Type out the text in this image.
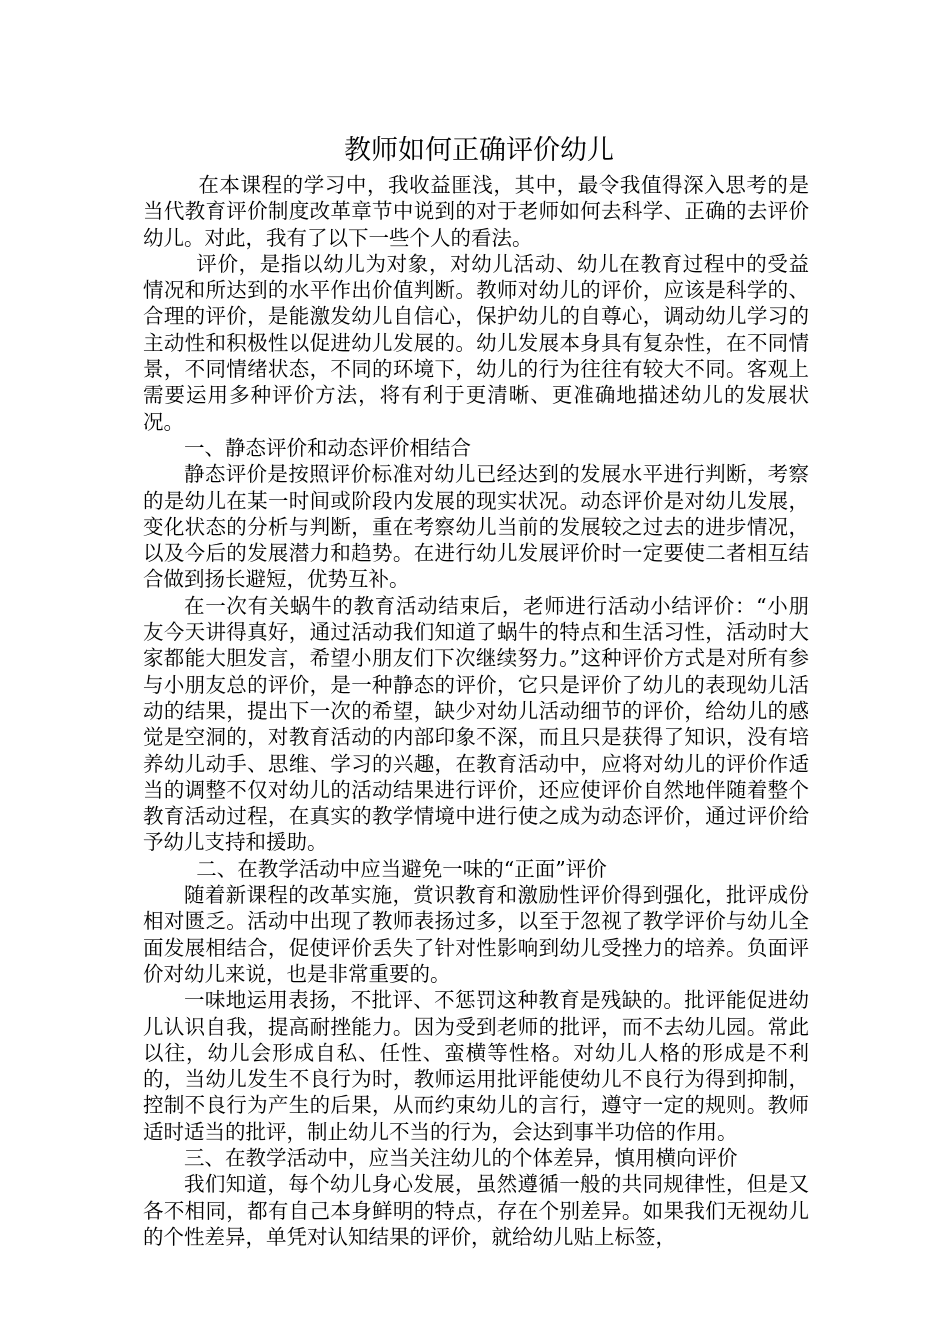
教师如何正确评价幼儿

在本课程的学习中，我收益匪浅，其中，最令我值得深入思考的是当代教育评价制度改革章节中说到的对于老师如何去科学、正确的去评价幼儿。对此，我有了以下一些个人的看法。

评价，是指以幼儿为对象，对幼儿活动、幼儿在教育过程中的受益情况和所达到的水平作出价值判断。教师对幼儿的评价，应该是科学的、合理的评价，是能激发幼儿自信心，保护幼儿的自尊心，调动幼儿学习的主动性和积极性以促进幼儿发展的。幼儿发展本身具有复杂性，在不同情景，不同情绪状态，不同的环境下，幼儿的行为往往有较大不同。客观上需要运用多种评价方法，将有利于更清晰、更准确地描述幼儿的发展状况。

一、静态评价和动态评价相结合

静态评价是按照评价标准对幼儿已经达到的发展水平进行判断，考察的是幼儿在某一时间或阶段内发展的现实状况。动态评价是对幼儿发展，变化状态的分析与判断，重在考察幼儿当前的发展较之过去的进步情况，以及今后的发展潜力和趋势。在进行幼儿发展评价时一定要使二者相互结合做到扬长避短，优势互补。

在一次有关蜗牛的教育活动结束后，老师进行活动小结评价：“小朋友今天讲得真好，通过活动我们知道了蜗牛的特点和生活习性，活动时大家都能大胆发言，希望小朋友们下次继续努力。”这种评价方式是对所有参与小朋友总的评价，是一种静态的评价，它只是评价了幼儿的表现幼儿活动的结果，提出下一次的希望，缺少对幼儿活动细节的评价，给幼儿的感觉是空洞的，对教育活动的内部印象不深，而且只是获得了知识，没有培养幼儿动手、思维、学习的兴趣，在教育活动中，应将对幼儿的评价作适当的调整不仅对幼儿的活动结果进行评价，还应使评价自然地伴随着整个教育活动过程，在真实的教学情境中进行使之成为动态评价，通过评价给予幼儿支持和援助。

二、在教学活动中应当避免一味的“正面”评价

随着新课程的改革实施，赏识教育和激励性评价得到强化，批评成份相对匮乏。活动中出现了教师表扬过多，以至于忽视了教学评价与幼儿全面发展相结合，促使评价丢失了针对性影响到幼儿受挫力的培养。负面评价对幼儿来说，也是非常重要的。

一味地运用表扬，不批评、不惩罚这种教育是残缺的。批评能促进幼儿认识自我，提高耐挫能力。因为受到老师的批评，而不去幼儿园。常此以往，幼儿会形成自私、任性、蛮横等性格。对幼儿人格的形成是不利的，当幼儿发生不良行为时，教师运用批评能使幼儿不良行为得到抑制，控制不良行为产生的后果，从而约束幼儿的言行，遵守一定的规则。教师适时适当的批评，制止幼儿不当的行为，会达到事半功倍的作用。

三、在教学活动中，应当关注幼儿的个体差异，慎用横向评价

我们知道，每个幼儿身心发展，虽然遵循一般的共同规律性，但是又各不相同，都有自己本身鲜明的特点，存在个别差异。如果我们无视幼儿的个性差异，单凭对认知结果的评价，就给幼儿贴上标签，
